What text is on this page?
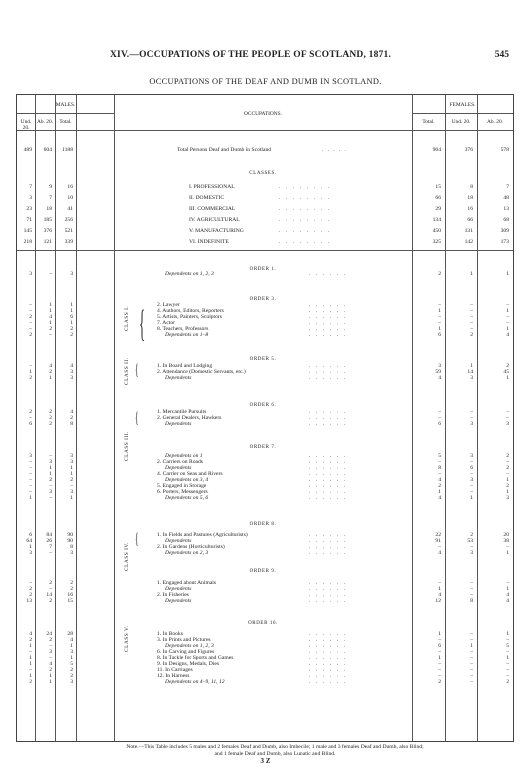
XIV.—OCCUPATIONS OF THE PEOPLE OF SCOTLAND, 1871.	545
OCCUPATIONS OF THE DEAF AND DUMB IN SCOTLAND.
MALES.	FEMALES.
OCCUPATIONS.
Und. 20.
Ab. 20.	Total.	Total.	Und. 20.	Ab. 20.
489	604	1188	Total Persons Deaf and Dumb in Scotland	.   .   .   .   .	964	376	578
CLASSES.
7	9	16	I. PROFESSIONAL	.    .    .    .    .    .    .    .	15	8	7
3	7	10	II. DOMESTIC	.    .    .    .    .    .    .    .	66	18	48
23	18	41	III. COMMERCIAL	.    .    .    .    .    .    .    .	29	16	13
71	185	256	IV. AGRICULTURAL	.    .    .    .    .    .    .    .	134	66	68
145	376	521	V. MANUFACTURING	.    .    .    .    .    .    .    .	450	131	309
218	121	339	VI. INDEFINITE	.    .    .    .    .    .    .    .	325	142	173
ORDER 1.
ORDER 3.
ORDER 5.
ORDER 6.
ORDER 7.
ORDER 8.
ORDER 9.
ORDER 10.
CLASS I.
CLASS II.
CLASS III.
CLASS IV.
CLASS V.
{
{
{
{
3	–	3	Dependents on 1, 2, 3	.    .    .    .    .    .	2	1	1
–	1	1	2. Lawyer	.    .    .    .    .    .	–	–	–
–	1	1	4. Authors, Editors, Reporters	.    .    .    .    .    .	1	–	1
2	4	6	5. Artists, Painters, Sculptors	.    .    .    .    .    .	–	–	–
–	1	1	7. Actor	.    .    .    .    .    .	–	–	–
–	2	2	8. Teachers, Professors	.    .    .    .    .    .	1	–	1
2	–	2	Dependents on 1–8	.    .    .    .    .    .	6	2	4
–	4	4	1. In Board and Lodging	.    .    .    .    .    .	3	1	2
1	2	3	2. Attendance (Domestic Servants, etc.)	.    .    .    .    .    .	59	14	45
2	1	3	Dependents	.    .    .    .    .    .	4	3	1
2	2	4	1. Mercantile Pursuits	.    .    .    .    .    .	–	–	–
–	2	2	2. General Dealers, Hawkers	.    .    .    .    .    .	–	–	–
6	2	8	Dependents	.    .    .    .    .    .	6	3	3
3	–	3	Dependents on 1	.    .    .    .    .    .	5	3	2
–	3	3	2. Carriers on Roads	.    .    .    .    .    .	–	–	–
–	1	1	Dependents	.    .    .    .    .    .	8	6	2
–	1	1	4. Carrier on Seas and Rivers	.    .    .    .    .    .	–	–	–
–	2	2	Dependents on 3, 4	.    .    .    .    .    .	4	3	1
–	–	–	5. Engaged in Storage	.    .    .    .    .    .	2	–	2
–	3	3	6. Porters, Messengers	.    .    .    .    .    .	1	–	1
1	–	1	Dependents on 5, 6	.    .    .    .    .    .	4	1	3
6	84	90	1. In Fields and Pastures (Agriculturists)	.    .    .    .    .    .	22	2	20
64	26	90	Dependents	.    .    .    .    .    .	91	53	38
1	7	8	2. In Gardens (Horticulturists)	.    .    .    .    .    .	–	–	–
3	–	3	Dependents on 2, 3	.    .    .    .    .    .	4	3	1
–	2	2	1. Engaged about Animals	.    .    .    .    .    .	–	–	–
2	–	2	Dependents	.    .    .    .    .    .	1	–	1
2	14	16	2. In Fisheries	.    .    .    .    .    .	4	–	4
13	2	15	Dependents	.    .    .    .    .    .	12	8	4
4	24	28	1. In Books	.    .    .    .    .    .	1	–	1
2	2	4	3. In Prints and Pictures	.    .    .    .    .    .	–	–	–
1	–	1	Dependents on 1, 2, 3	.    .    .    .    .    .	6	1	5
–	3	3	6. In Carving and Figures	.    .    .    .    .    .	–	–	–
1	–	1	8. In Tackle for Sports and Games	.    .    .    .    .    .	1	–	1
1	4	5	9. In Designs, Medals, Dies	.    .    .    .    .    .	–	–	–
–	2	2	11. In Carriages	.    .    .    .    .    .	–	–	–
1	1	2	12. In Harness	.    .    .    .    .    .	–	–	–
2	1	3	Dependents on 4–9, 11, 12	.    .    .    .    .    .	2	–	2
Note.—This Table includes 5 males and 2 females Deaf and Dumb, also Imbecile; 1 male and 3 females Deaf and Dumb, also Blind;
and 1 female Deaf and Dumb, also Lunatic and Blind.
3 Z
